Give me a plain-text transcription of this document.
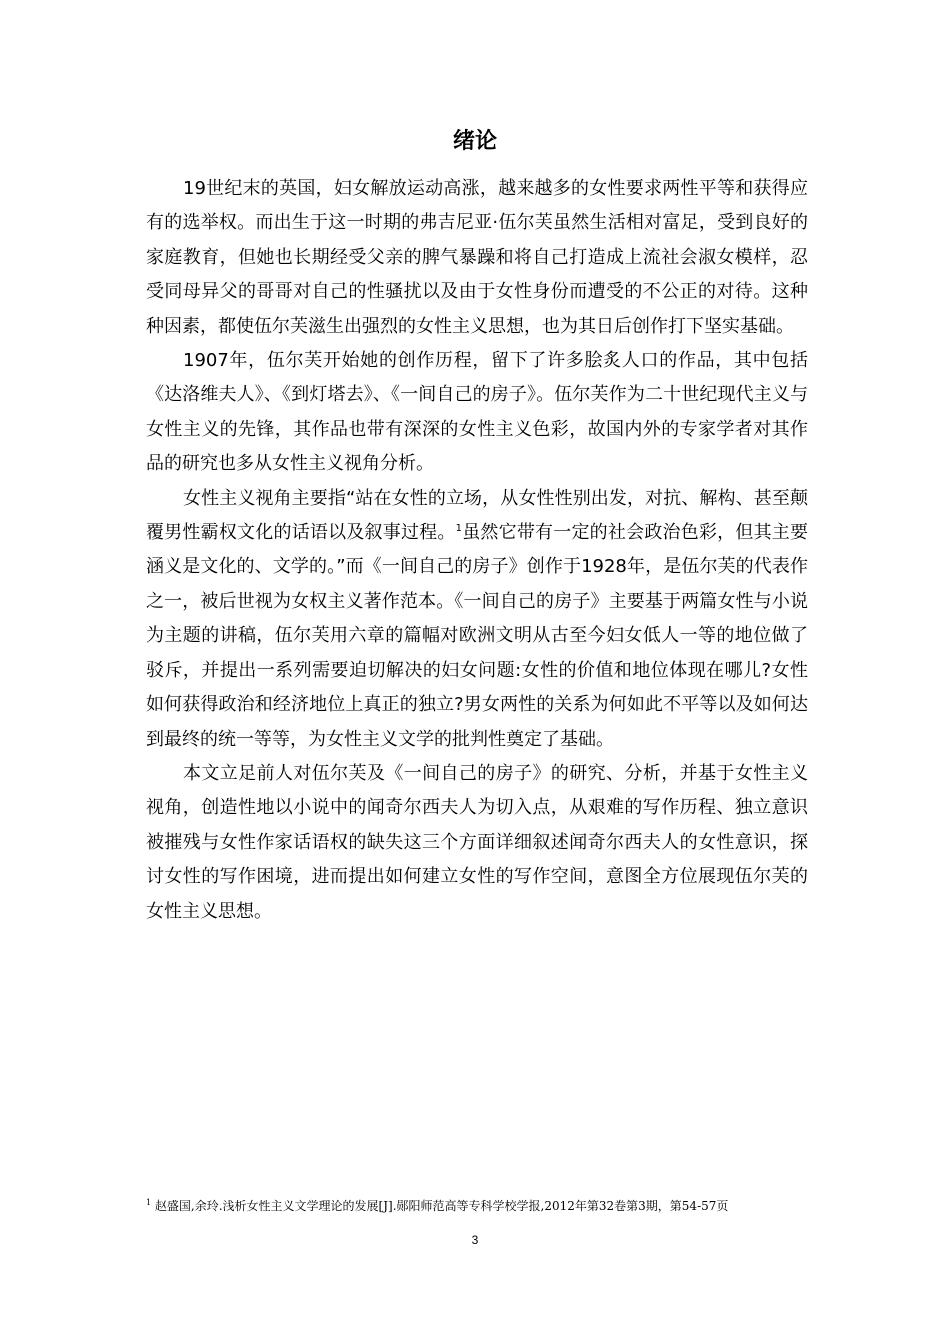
绪论

19世纪末的英国，妇女解放运动高涨，越来越多的女性要求两性平等和获得应有的选举权。而出生于这一时期的弗吉尼亚·伍尔芙虽然生活相对富足，受到良好的家庭教育，但她也长期经受父亲的脾气暴躁和将自己打造成上流社会淑女模样，忍受同母异父的哥哥对自己的性骚扰以及由于女性身份而遭受的不公正的对待。这种种因素，都使伍尔芙滋生出强烈的女性主义思想，也为其日后创作打下坚实基础。

1907年，伍尔芙开始她的创作历程，留下了许多脍炙人口的作品，其中包括《达洛维夫人》、《到灯塔去》、《一间自己的房子》。伍尔芙作为二十世纪现代主义与女性主义的先锋，其作品也带有深深的女性主义色彩，故国内外的专家学者对其作品的研究也多从女性主义视角分析。

女性主义视角主要指“站在女性的立场，从女性性别出发，对抗、解构、甚至颠覆男性霸权文化的话语以及叙事过程。$^1$虽然它带有一定的社会政治色彩，但其主要涵义是文化的、文学的。”而《一间自己的房子》创作于1928年，是伍尔芙的代表作之一，被后世视为女权主义著作范本。《一间自己的房子》主要基于两篇女性与小说为主题的讲稿，伍尔芙用六章的篇幅对欧洲文明从古至今妇女低人一等的地位做了驳斥，并提出一系列需要迫切解决的妇女问题:女性的价值和地位体现在哪儿?女性如何获得政治和经济地位上真正的独立?男女两性的关系为何如此不平等以及如何达到最终的统一等等，为女性主义文学的批判性奠定了基础。

本文立足前人对伍尔芙及《一间自己的房子》的研究、分析，并基于女性主义视角，创造性地以小说中的闻奇尔西夫人为切入点，从艰难的写作历程、独立意识被摧残与女性作家话语权的缺失这三个方面详细叙述闻奇尔西夫人的女性意识，探讨女性的写作困境，进而提出如何建立女性的写作空间，意图全方位展现伍尔芙的女性主义思想。

$^1$ 赵盛国,余玲.浅析女性主义文学理论的发展[J].郧阳师范高等专科学校学报,2012年第32卷第3期，第54-57页

3
